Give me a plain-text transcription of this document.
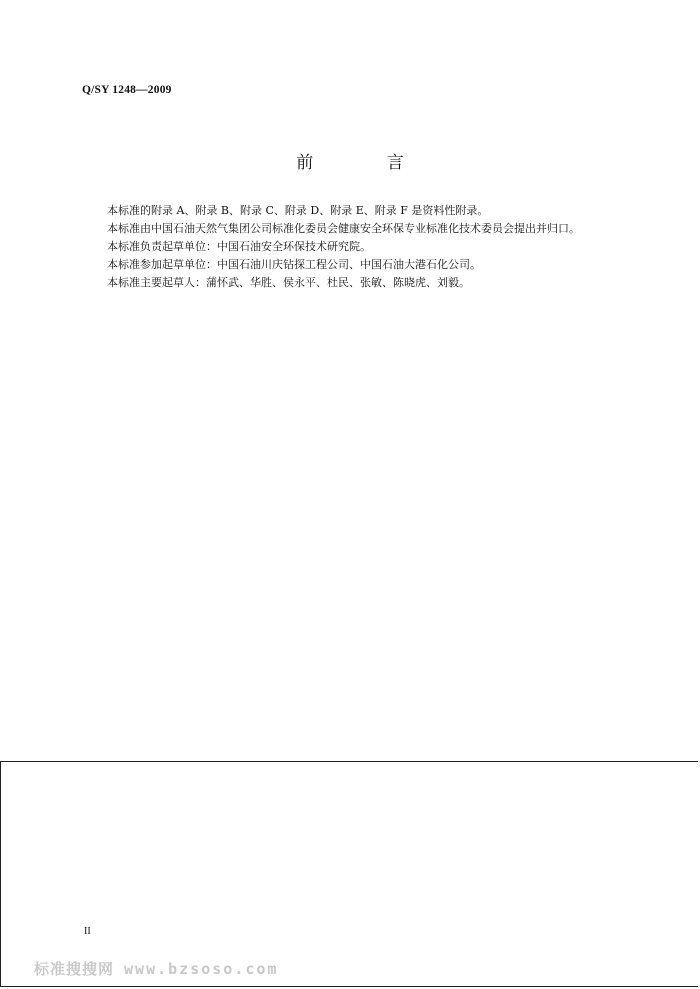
Q/SY 1248—2009
前 言
本标准的附录 A、附录 B、附录 C、附录 D、附录 E、附录 F 是资料性附录。
本标准由中国石油天然气集团公司标准化委员会健康安全环保专业标准化技术委员会提出并归口。
本标准负责起草单位：中国石油安全环保技术研究院。
本标准参加起草单位：中国石油川庆钻探工程公司、中国石油大港石化公司。
本标准主要起草人：蒲怀武、华胜、侯永平、杜民、张敏、陈晓虎、刘毅。
II
标准搜搜网 www.bzsoso.com
